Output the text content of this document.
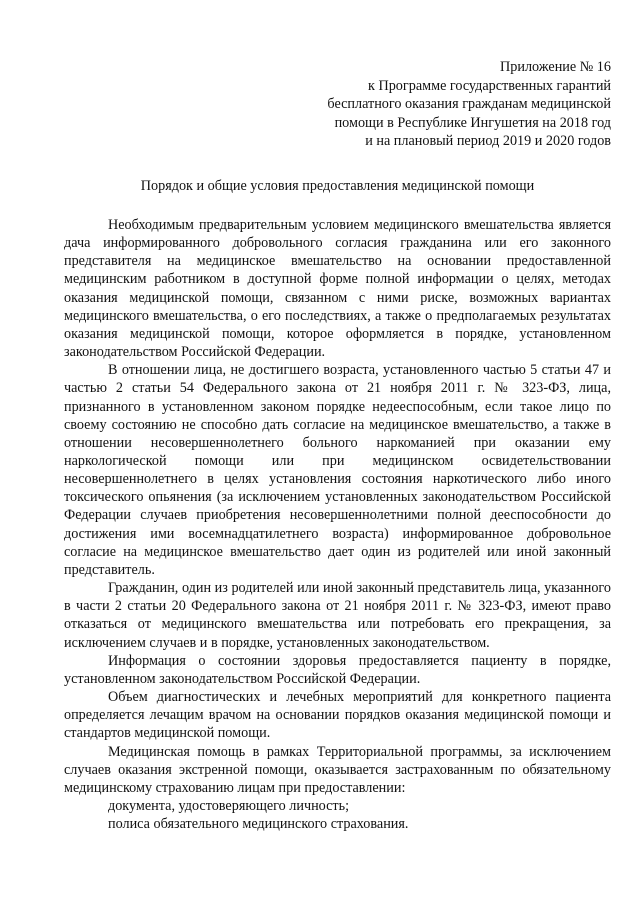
Приложение № 16
к Программе государственных гарантий
бесплатного оказания гражданам медицинской
помощи в Республике Ингушетия на 2018 год
и на плановый период 2019 и 2020 годов
Порядок и общие условия предоставления медицинской помощи

Необходимым предварительным условием медицинского вмешательства является дача информированного добровольного согласия гражданина или его законного представителя на медицинское вмешательство на основании предоставленной медицинским работником в доступной форме полной информации о целях, методах оказания медицинской помощи, связанном с ними риске, возможных вариантах медицинского вмешательства, о его последствиях, а также о предполагаемых результатах оказания медицинской помощи, которое оформляется в порядке, установленном законодательством Российской Федерации.

В отношении лица, не достигшего возраста, установленного частью 5 статьи 47 и частью 2 статьи 54 Федерального закона от 21 ноября 2011 г. № 323-ФЗ, лица, признанного в установленном законом порядке недееспособным, если такое лицо по своему состоянию не способно дать согласие на медицинское вмешательство, а также в отношении несовершеннолетнего больного наркоманией при оказании ему наркологической помощи или при медицинском освидетельствовании несовершеннолетнего в целях установления состояния наркотического либо иного токсического опьянения (за исключением установленных законодательством Российской Федерации случаев приобретения несовершеннолетними полной дееспособности до достижения ими восемнадцатилетнего возраста) информированное добровольное согласие на медицинское вмешательство дает один из родителей или иной законный представитель.

Гражданин, один из родителей или иной законный представитель лица, указанного в части 2 статьи 20 Федерального закона от 21 ноября 2011 г. № 323-ФЗ, имеют право отказаться от медицинского вмешательства или потребовать его прекращения, за исключением случаев и в порядке, установленных законодательством.

Информация о состоянии здоровья предоставляется пациенту в порядке, установленном законодательством Российской Федерации.

Объем диагностических и лечебных мероприятий для конкретного пациента определяется лечащим врачом на основании порядков оказания медицинской помощи и стандартов медицинской помощи.

Медицинская помощь в рамках Территориальной программы, за исключением случаев оказания экстренной помощи, оказывается застрахованным по обязательному медицинскому страхованию лицам при предоставлении:

документа, удостоверяющего личность;

полиса обязательного медицинского страхования.
